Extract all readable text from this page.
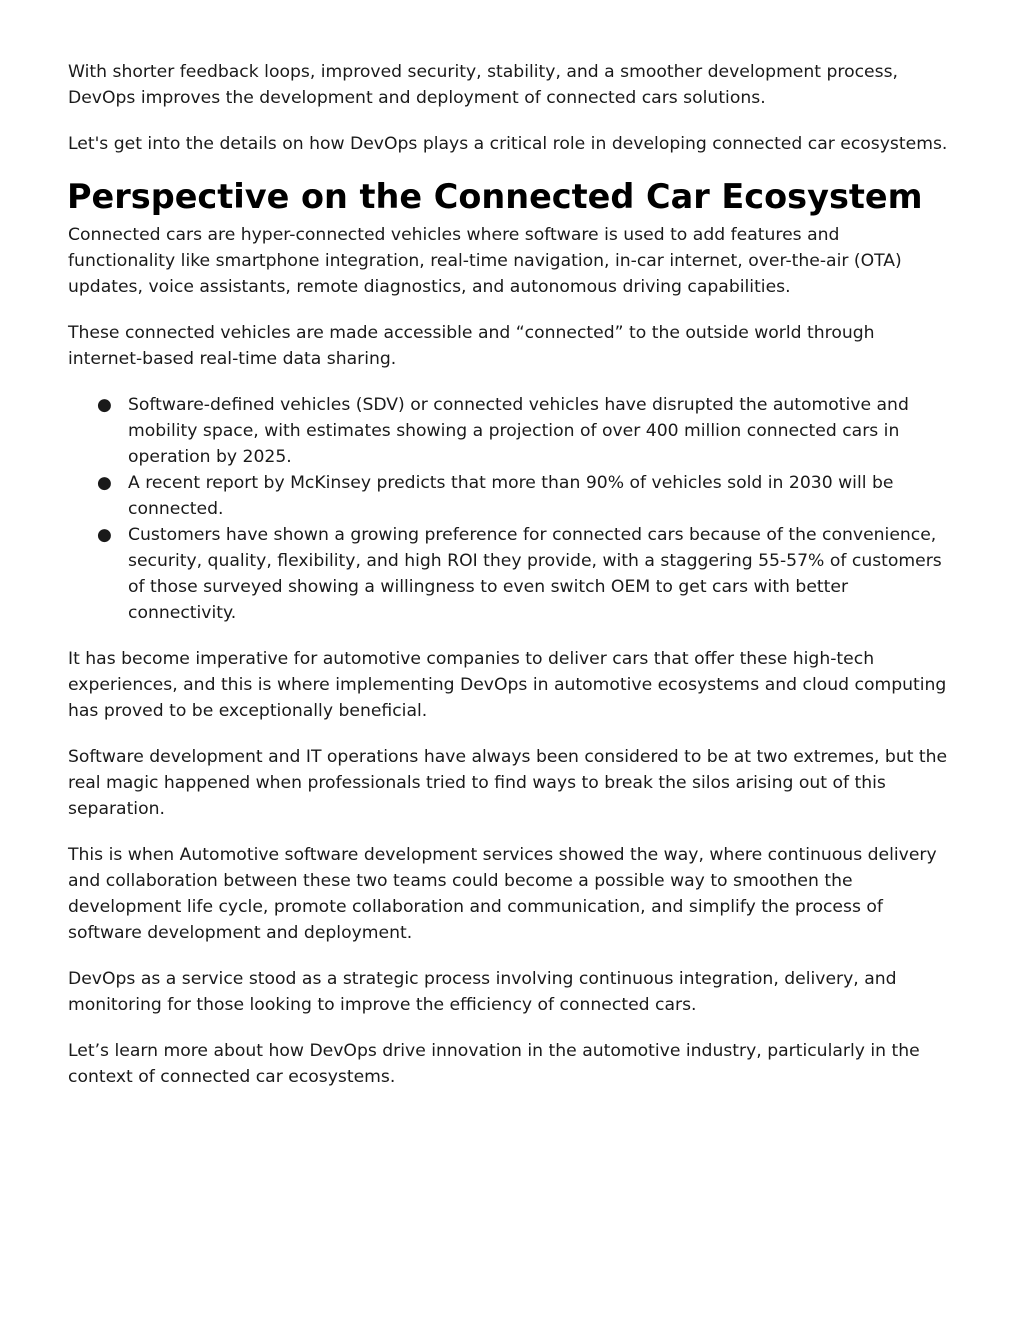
With shorter feedback loops, improved security, stability, and a smoother development process, DevOps improves the development and deployment of connected cars solutions.

Let's get into the details on how DevOps plays a critical role in developing connected car ecosystems.

Perspective on the Connected Car Ecosystem

Connected cars are hyper-connected vehicles where software is used to add features and functionality like smartphone integration, real-time navigation, in-car internet, over-the-air (OTA) updates, voice assistants, remote diagnostics, and autonomous driving capabilities.

These connected vehicles are made accessible and “connected” to the outside world through internet-based real-time data sharing.

● Software-defined vehicles (SDV) or connected vehicles have disrupted the automotive and mobility space, with estimates showing a projection of over 400 million connected cars in operation by 2025.
● A recent report by McKinsey predicts that more than 90% of vehicles sold in 2030 will be connected.
● Customers have shown a growing preference for connected cars because of the convenience, security, quality, flexibility, and high ROI they provide, with a staggering 55-57% of customers of those surveyed showing a willingness to even switch OEM to get cars with better connectivity.

It has become imperative for automotive companies to deliver cars that offer these high-tech experiences, and this is where implementing DevOps in automotive ecosystems and cloud computing has proved to be exceptionally beneficial.

Software development and IT operations have always been considered to be at two extremes, but the real magic happened when professionals tried to find ways to break the silos arising out of this separation.

This is when Automotive software development services showed the way, where continuous delivery and collaboration between these two teams could become a possible way to smoothen the development life cycle, promote collaboration and communication, and simplify the process of software development and deployment.

DevOps as a service stood as a strategic process involving continuous integration, delivery, and monitoring for those looking to improve the efficiency of connected cars.

Let’s learn more about how DevOps drive innovation in the automotive industry, particularly in the context of connected car ecosystems.
